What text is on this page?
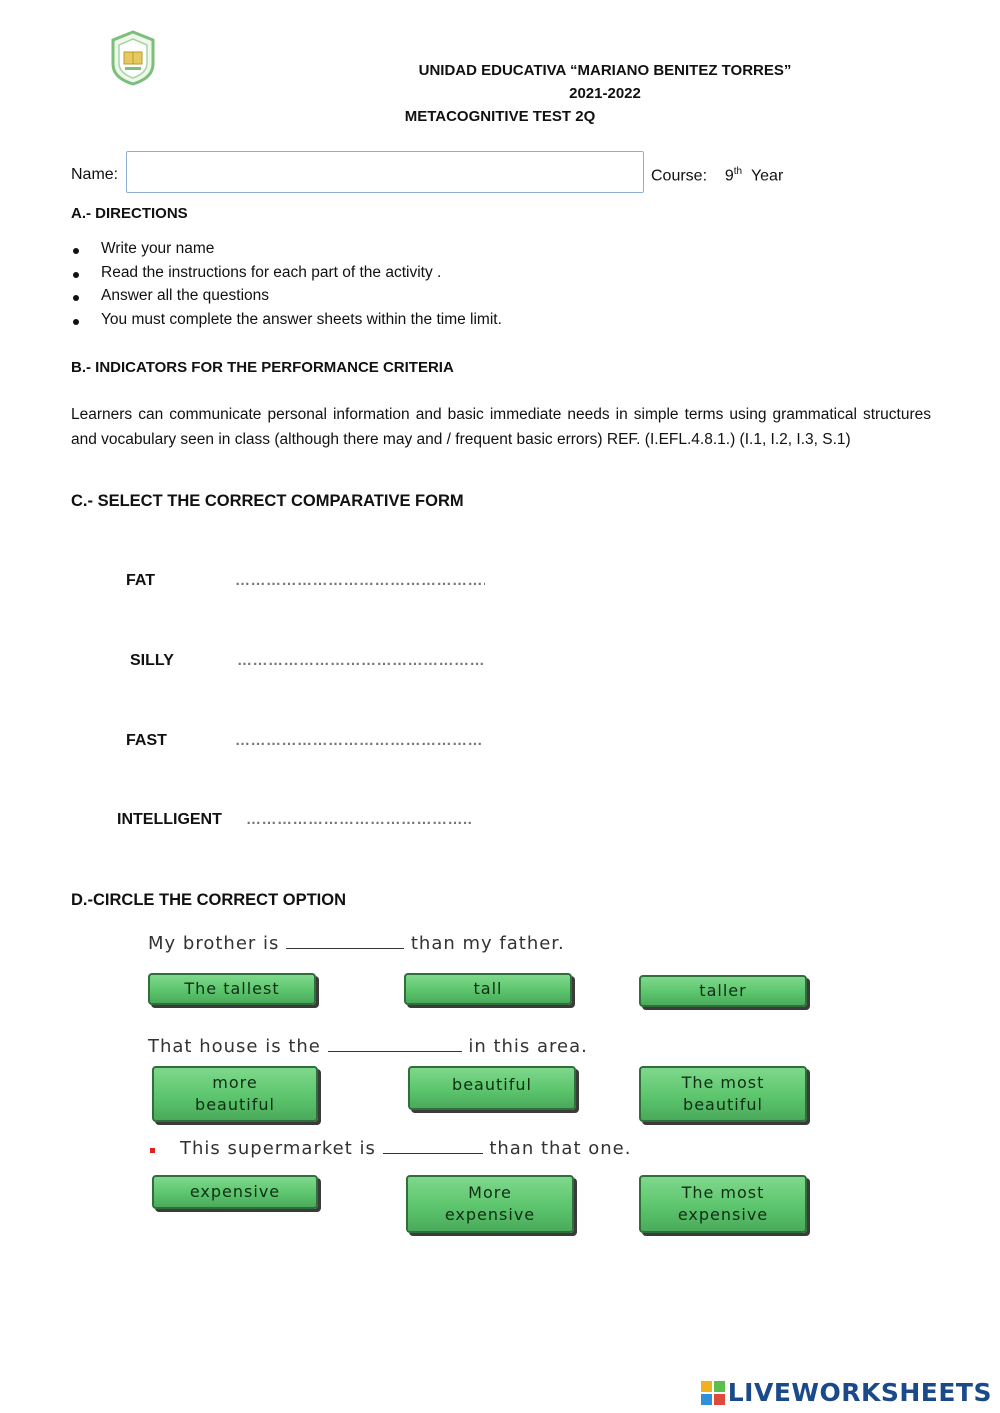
UNIDAD EDUCATIVA “MARIANO BENITEZ TORRES”
2021-2022
METACOGNITIVE TEST 2Q
Name:	Course: 9th Year
A.- DIRECTIONS
Write your name
Read the instructions for each part of the activity .
Answer all the questions
You must complete the answer sheets within the time limit.
B.- INDICATORS FOR THE PERFORMANCE CRITERIA
Learners can communicate personal information and basic immediate needs in simple terms using grammatical structures and vocabulary seen in class (although there may and / frequent basic errors) REF. (I.EFL.4.8.1.) (I.1, I.2, I.3, S.1)
C.- SELECT THE CORRECT COMPARATIVE FORM
FAT
………………………………………….
SILLY
…………………………………………
FAST
…………………………………………
INTELLIGENT
……………………………………..
D.-CIRCLE THE CORRECT OPTION
My brother is	than my father.
The tallest	tall	taller
That house is the	in this area.
more beautiful
beautiful	The most beautiful
This supermarket is	than that one.
expensive	More expensive
The most expensive
LIVEWORKSHEETS
